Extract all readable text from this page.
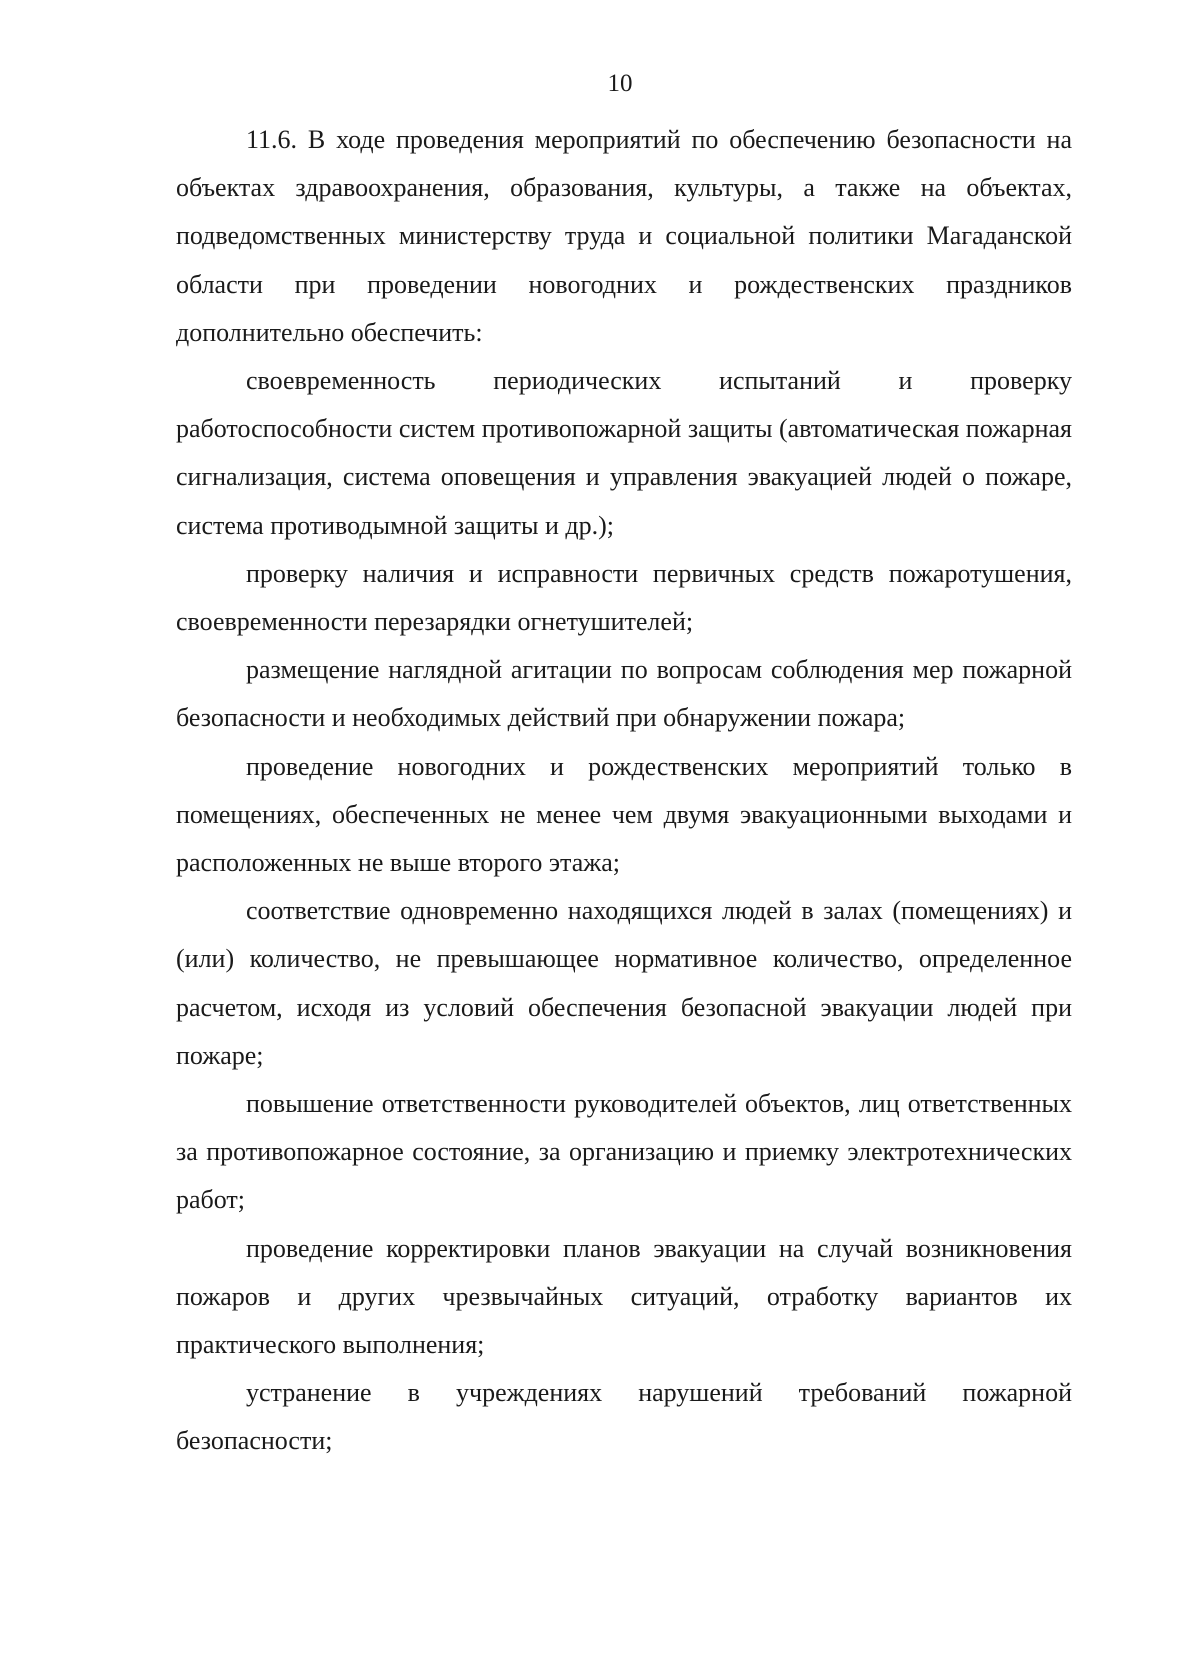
10

11.6. В ходе проведения мероприятий по обеспечению безопасности на объектах здравоохранения, образования, культуры, а также на объектах, подведомственных министерству труда и социальной политики Магаданской области при проведении новогодних и рождественских праздников дополнительно обеспечить:

своевременность периодических испытаний и проверку работоспособности систем противопожарной защиты (автоматическая пожарная сигнализация, система оповещения и управления эвакуацией людей о пожаре, система противодымной защиты и др.);

проверку наличия и исправности первичных средств пожаротушения, своевременности перезарядки огнетушителей;

размещение наглядной агитации по вопросам соблюдения мер пожарной безопасности и необходимых действий при обнаружении пожара;

проведение новогодних и рождественских мероприятий только в помещениях, обеспеченных не менее чем двумя эвакуационными выходами и расположенных не выше второго этажа;

соответствие одновременно находящихся людей в залах (помещениях) и (или) количество, не превышающее нормативное количество, определенное расчетом, исходя из условий обеспечения безопасной эвакуации людей при пожаре;

повышение ответственности руководителей объектов, лиц ответственных за противопожарное состояние, за организацию и приемку электротехнических работ;

проведение корректировки планов эвакуации на случай возникновения пожаров и других чрезвычайных ситуаций, отработку вариантов их практического выполнения;

устранение в учреждениях нарушений требований пожарной безопасности;
